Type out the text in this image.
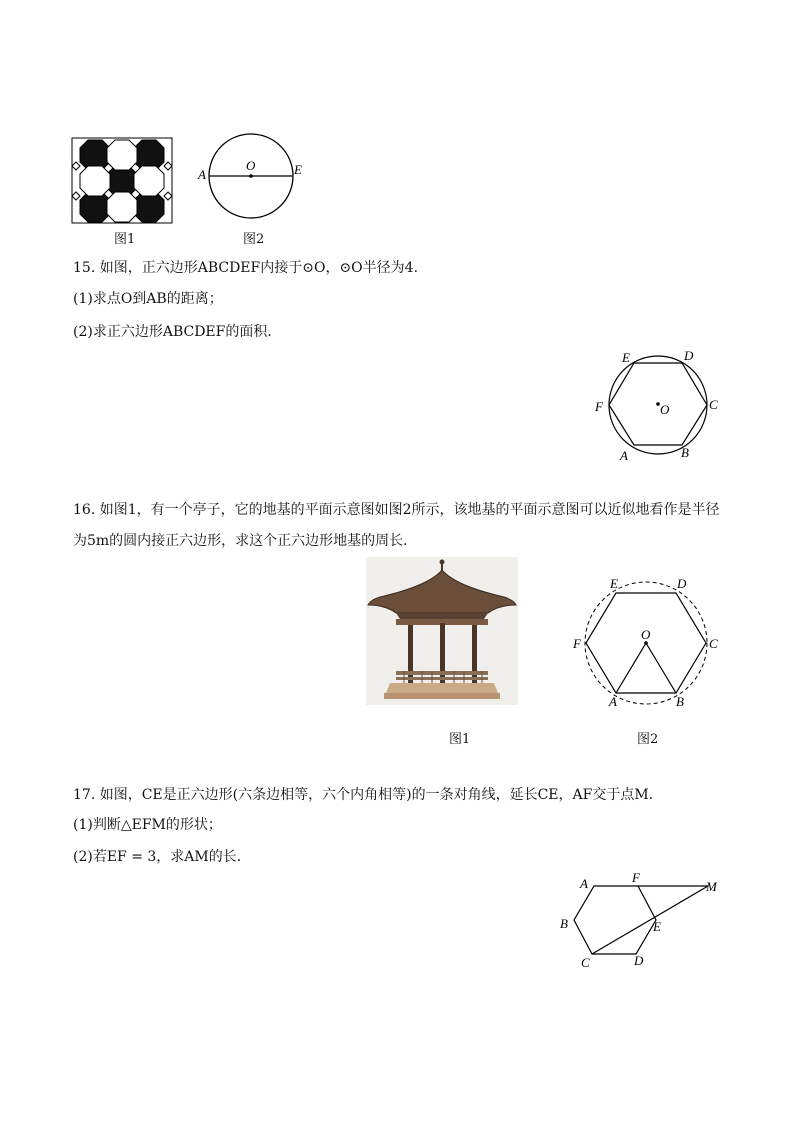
图1
A
O	E
图2
15. 如图，正六边形ABCDEF内接于⊙O，⊙O半径为4.
(1)求点O到AB的距离；
(2)求正六边形ABCDEF的面积．
O
E	D
C
F
A	B
16. 如图1，有一个亭子，它的地基的平面示意图如图2所示，该地基的平面示意图可以近似地看作是半径
为5m的圆内接正六边形，求这个正六边形地基的周长．
图1
O
E	D
C
F
A	B
图2
17. 如图，CE是正六边形(六条边相等，六个内角相等)的一条对角线，延长CE，AF交于点M．
(1)判断△EFM的形状；
(2)若EF = 3，求AM的长．
A	F
M
B	E
C	D
